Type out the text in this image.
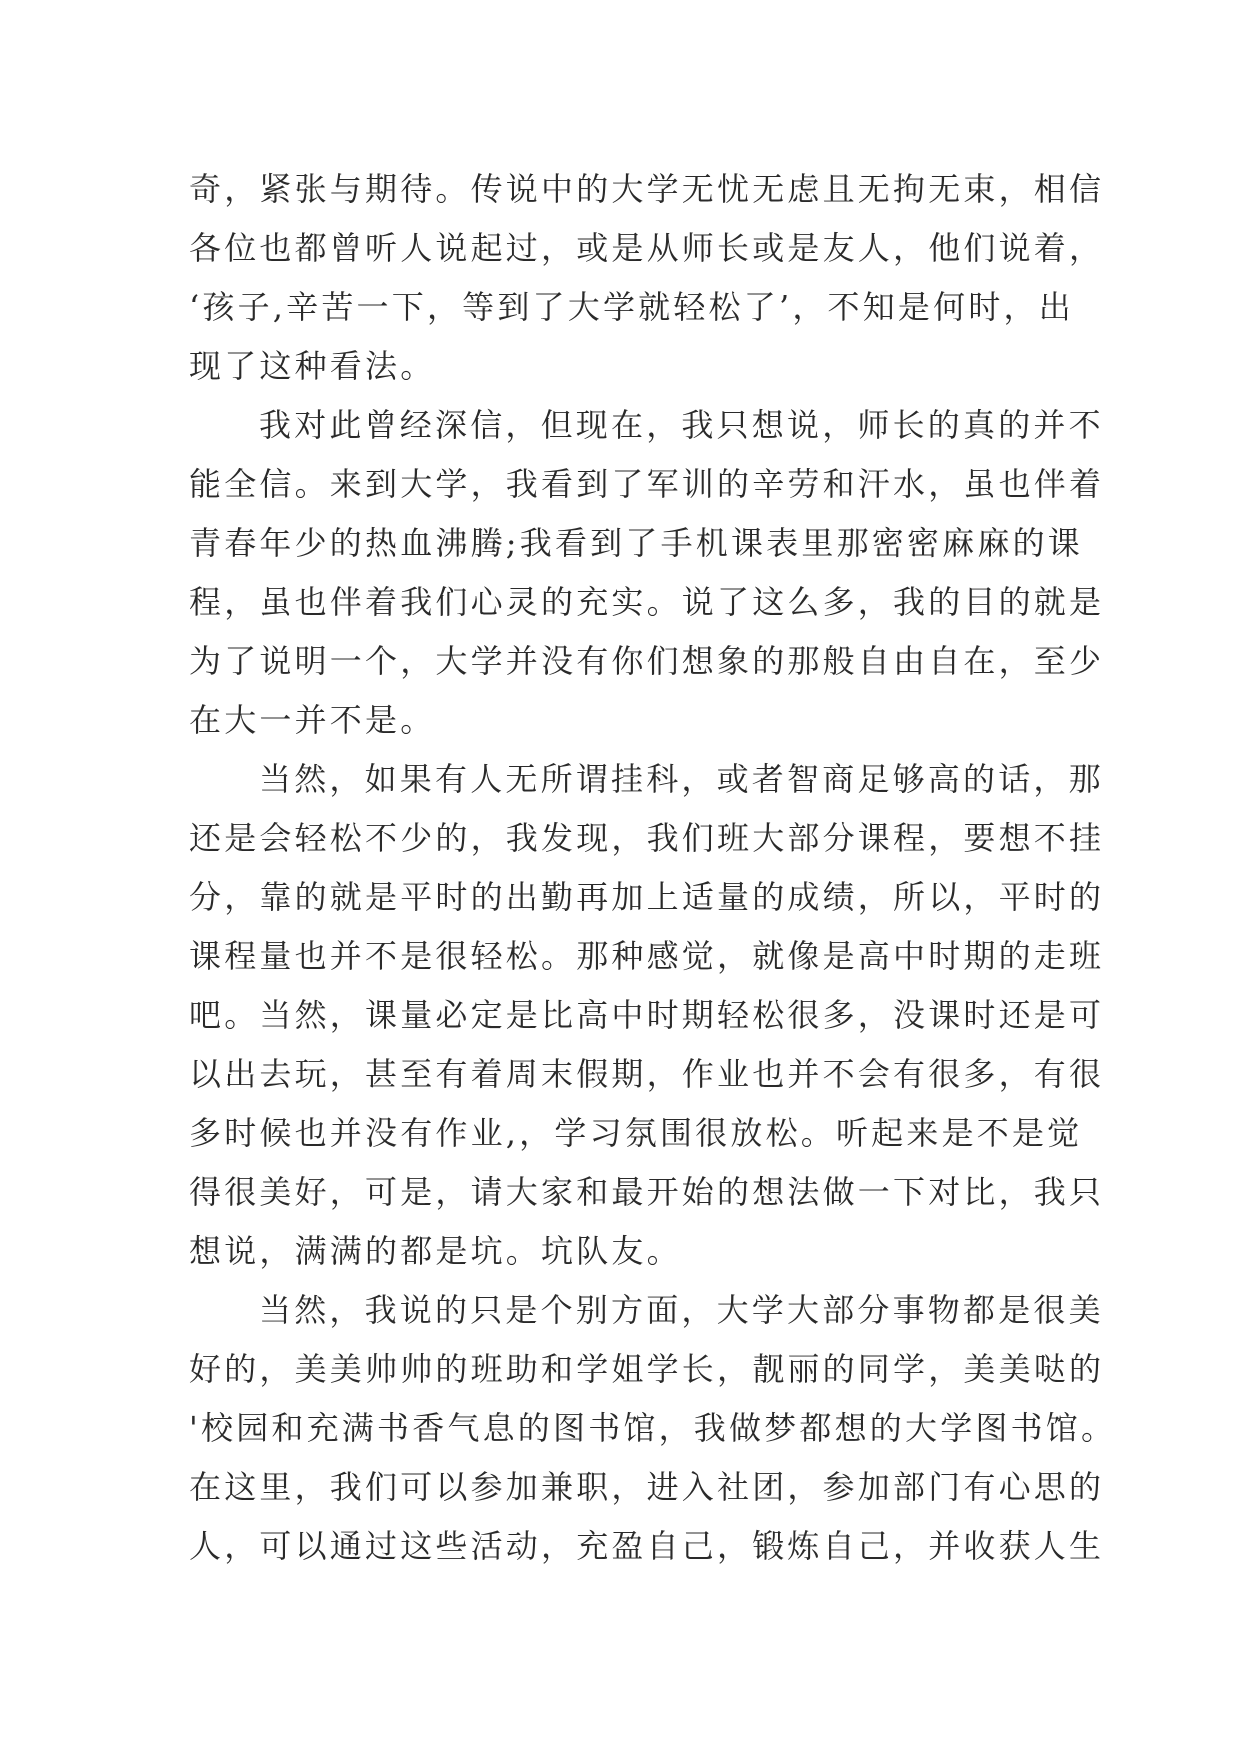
奇，紧张与期待。传说中的大学无忧无虑且无拘无束，相信
各位也都曾听人说起过，或是从师长或是友人，他们说着，
‘孩子,辛苦一下，等到了大学就轻松了’，不知是何时，出
现了这种看法。
我对此曾经深信，但现在，我只想说，师长的真的并不
能全信。来到大学，我看到了军训的辛劳和汗水，虽也伴着
青春年少的热血沸腾;我看到了手机课表里那密密麻麻的课
程，虽也伴着我们心灵的充实。说了这么多，我的目的就是
为了说明一个，大学并没有你们想象的那般自由自在，至少
在大一并不是。
当然，如果有人无所谓挂科，或者智商足够高的话，那
还是会轻松不少的，我发现，我们班大部分课程，要想不挂
分，靠的就是平时的出勤再加上适量的成绩，所以，平时的
课程量也并不是很轻松。那种感觉，就像是高中时期的走班
吧。当然，课量必定是比高中时期轻松很多，没课时还是可
以出去玩，甚至有着周末假期，作业也并不会有很多，有很
多时候也并没有作业,，学习氛围很放松。听起来是不是觉
得很美好，可是，请大家和最开始的想法做一下对比，我只
想说，满满的都是坑。坑队友。
当然，我说的只是个别方面，大学大部分事物都是很美
好的，美美帅帅的班助和学姐学长，靓丽的同学，美美哒的
'校园和充满书香气息的图书馆，我做梦都想的大学图书馆。
在这里，我们可以参加兼职，进入社团，参加部门有心思的
人，可以通过这些活动，充盈自己，锻炼自己，并收获人生
